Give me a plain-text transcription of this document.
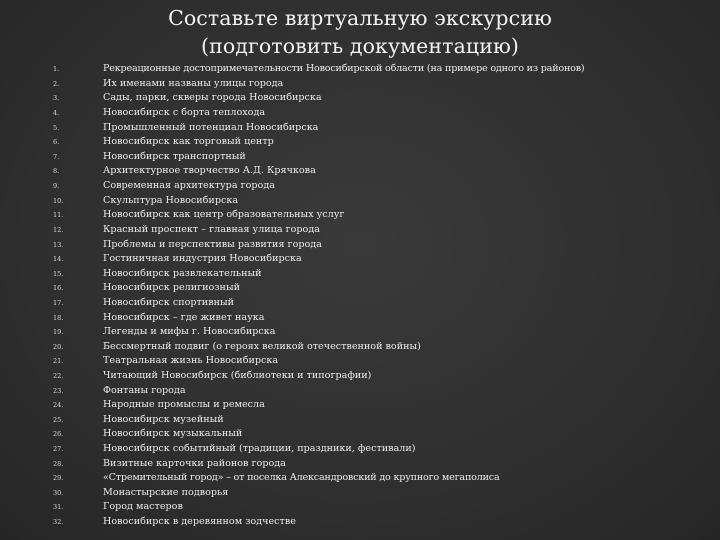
Составьте виртуальную экскурсию
(подготовить документацию)
1.	Рекреационные достопримечательности Новосибирской области (на примере одного из районов)
2.	Их именами названы улицы города
3.	Сады, парки, скверы города Новосибирска
4.	Новосибирск с борта теплохода
5.	Промышленный потенциал Новосибирска
6.	Новосибирск как торговый центр
7.	Новосибирск транспортный
8.	Архитектурное творчество А.Д. Крячкова
9.	Современная архитектура города
10.	Скульптура Новосибирска
11.	Новосибирск как центр образовательных услуг
12.	Красный проспект – главная улица города
13.	Проблемы и перспективы развития города
14.	Гостиничная индустрия Новосибирска
15.	Новосибирск развлекательный
16.	Новосибирск религиозный
17.	Новосибирск спортивный
18.	Новосибирск – где живет наука
19.	Легенды и мифы г. Новосибирска
20.	Бессмертный подвиг (о героях великой отечественной войны)
21.	Театральная жизнь Новосибирска
22.	Читающий Новосибирск (библиотеки и типографии)
23.	Фонтаны города
24.	Народные промыслы и ремесла
25.	Новосибирск музейный
26.	Новосибирск музыкальный
27.	Новосибирск событийный (традиции, праздники, фестивали)
28.	Визитные карточки районов города
29.	«Стремительный город» – от поселка Александровский до крупного мегаполиса
30.	Монастырские подворья
31.	Город мастеров
32.	Новосибирск в деревянном зодчестве
